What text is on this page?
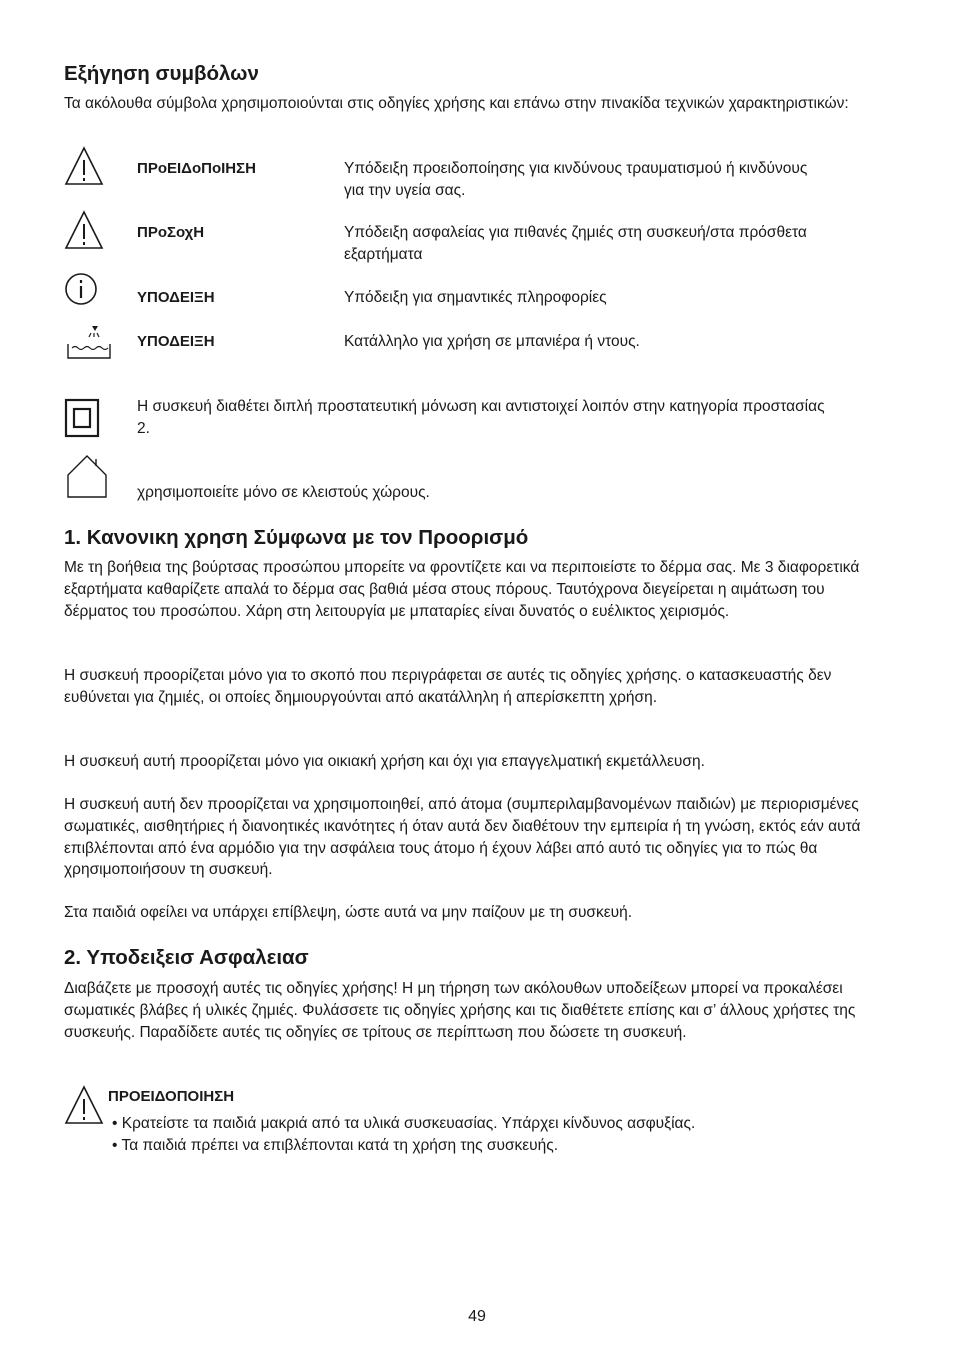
Εξήγηση συμβόλων

Τα ακόλουθα σύμβολα χρησιμοποιούνται στις οδηγίες χρήσης και επάνω στην πινακίδα τεχνικών χαρακτηριστικών:

ΠΡοΕΙΔοΠοΙΗΣΗ	Υπόδειξη προειδοποίησης για κινδύνους τραυματισμού ή κινδύνους για την υγεία σας.
ΠΡοΣοχΗ	Υπόδειξη ασφαλείας για πιθανές ζημιές στη συσκευή/στα πρόσθετα εξαρτήματα
ΥΠΟΔΕΙΞΗ	Υπόδειξη για σημαντικές πληροφορίες
ΥΠΟΔΕΙΞΗ	Κατάλληλο για χρήση σε μπανιέρα ή ντους.
Η συσκευή διαθέτει διπλή προστατευτική μόνωση και αντιστοιχεί λοιπόν στην κατηγορία προστασίας 2.
χρησιμοποιείτε μόνο σε κλειστούς χώρους.
1. Κανονικη χρηση Σύμφωνα με τον Προορισμό

Με τη βοήθεια της βούρτσας προσώπου μπορείτε να φροντίζετε και να περιποιείστε το δέρμα σας. Με 3 διαφορετικά εξαρτήματα καθαρίζετε απαλά το δέρμα σας βαθιά μέσα στους πόρους. Ταυτόχρονα διεγείρεται η αιμάτωση του δέρματος του προσώπου. Χάρη στη λειτουργία με μπαταρίες είναι δυνατός ο ευέλικτος χειρισμός.

Η συσκευή προορίζεται μόνο για το σκοπό που περιγράφεται σε αυτές τις οδηγίες χρήσης. ο κατασκευαστής δεν ευθύνεται για ζημιές, οι οποίες δημιουργούνται από ακατάλληλη ή απερίσκεπτη χρήση.

Η συσκευή αυτή προορίζεται μόνο για οικιακή χρήση και όχι για επαγγελματική εκμετάλλευση.

Η συσκευή αυτή δεν προορίζεται να χρησιμοποιηθεί, από άτομα (συμπεριλαμβανομένων παιδιών) με περιορισμένες σωματικές, αισθητήριες ή διανοητικές ικανότητες ή όταν αυτά δεν διαθέτουν την εμπειρία ή τη γνώση, εκτός εάν αυτά επιβλέπονται από ένα αρμόδιο για την ασφάλεια τους άτομο ή έχουν λάβει από αυτό τις οδηγίες για το πώς θα χρησιμοποιήσουν τη συσκευή.

Στα παιδιά οφείλει να υπάρχει επίβλεψη, ώστε αυτά να μην παίζουν με τη συσκευή.

2. Υποδειξεισ Ασφαλειασ

Διαβάζετε με προσοχή αυτές τις οδηγίες χρήσης! Η μη τήρηση των ακόλουθων υποδείξεων μπορεί να προκαλέσει σωματικές βλάβες ή υλικές ζημιές. Φυλάσσετε τις οδηγίες χρήσης και τις διαθέτετε επίσης και σ’ άλλους χρήστες της συσκευής. Παραδίδετε αυτές τις οδηγίες σε τρίτους σε περίπτωση που δώσετε τη συσκευή.

ΠΡΟΕΙΔΟΠΟΙΗΣΗ
• Κρατείστε τα παιδιά μακριά από τα υλικά συσκευασίας. Υπάρχει κίνδυνος ασφυξίας.
• Τα παιδιά πρέπει να επιβλέπονται κατά τη χρήση της συσκευής.
49
